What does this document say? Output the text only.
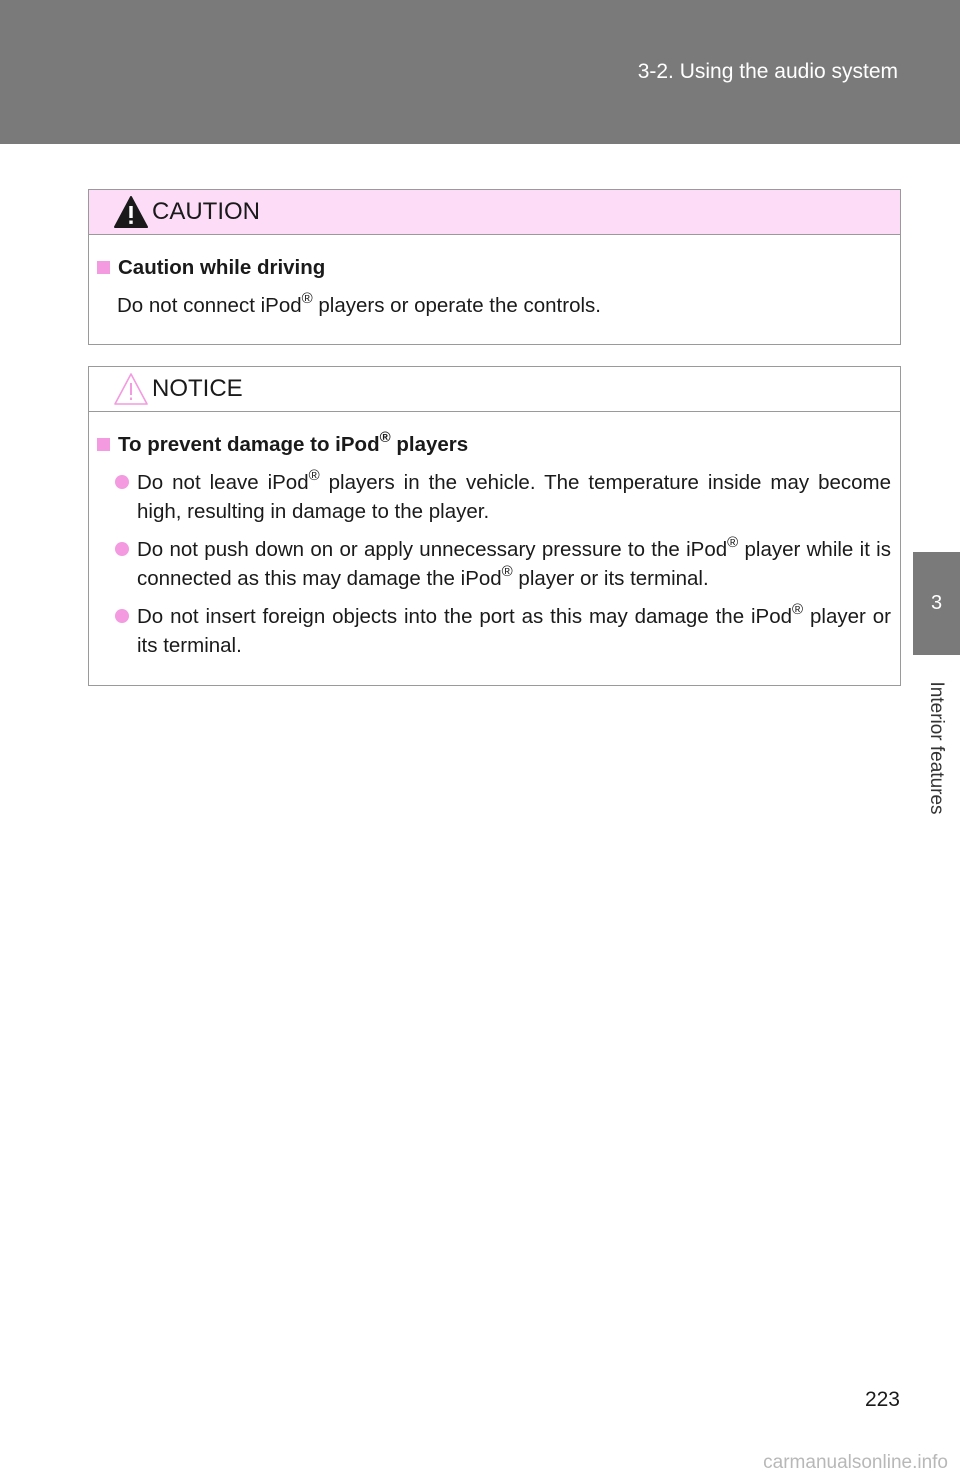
3-2. Using the audio system
3
Interior features
CAUTION
Caution while driving
Do not connect iPod® players or operate the controls.
NOTICE
To prevent damage to iPod® players
Do not leave iPod® players in the vehicle. The temperature inside may become high, resulting in damage to the player.
Do not push down on or apply unnecessary pressure to the iPod® player while it is connected as this may damage the iPod® player or its terminal.
Do not insert foreign objects into the port as this may damage the iPod® player or its terminal.
223
carmanualsonline.info
